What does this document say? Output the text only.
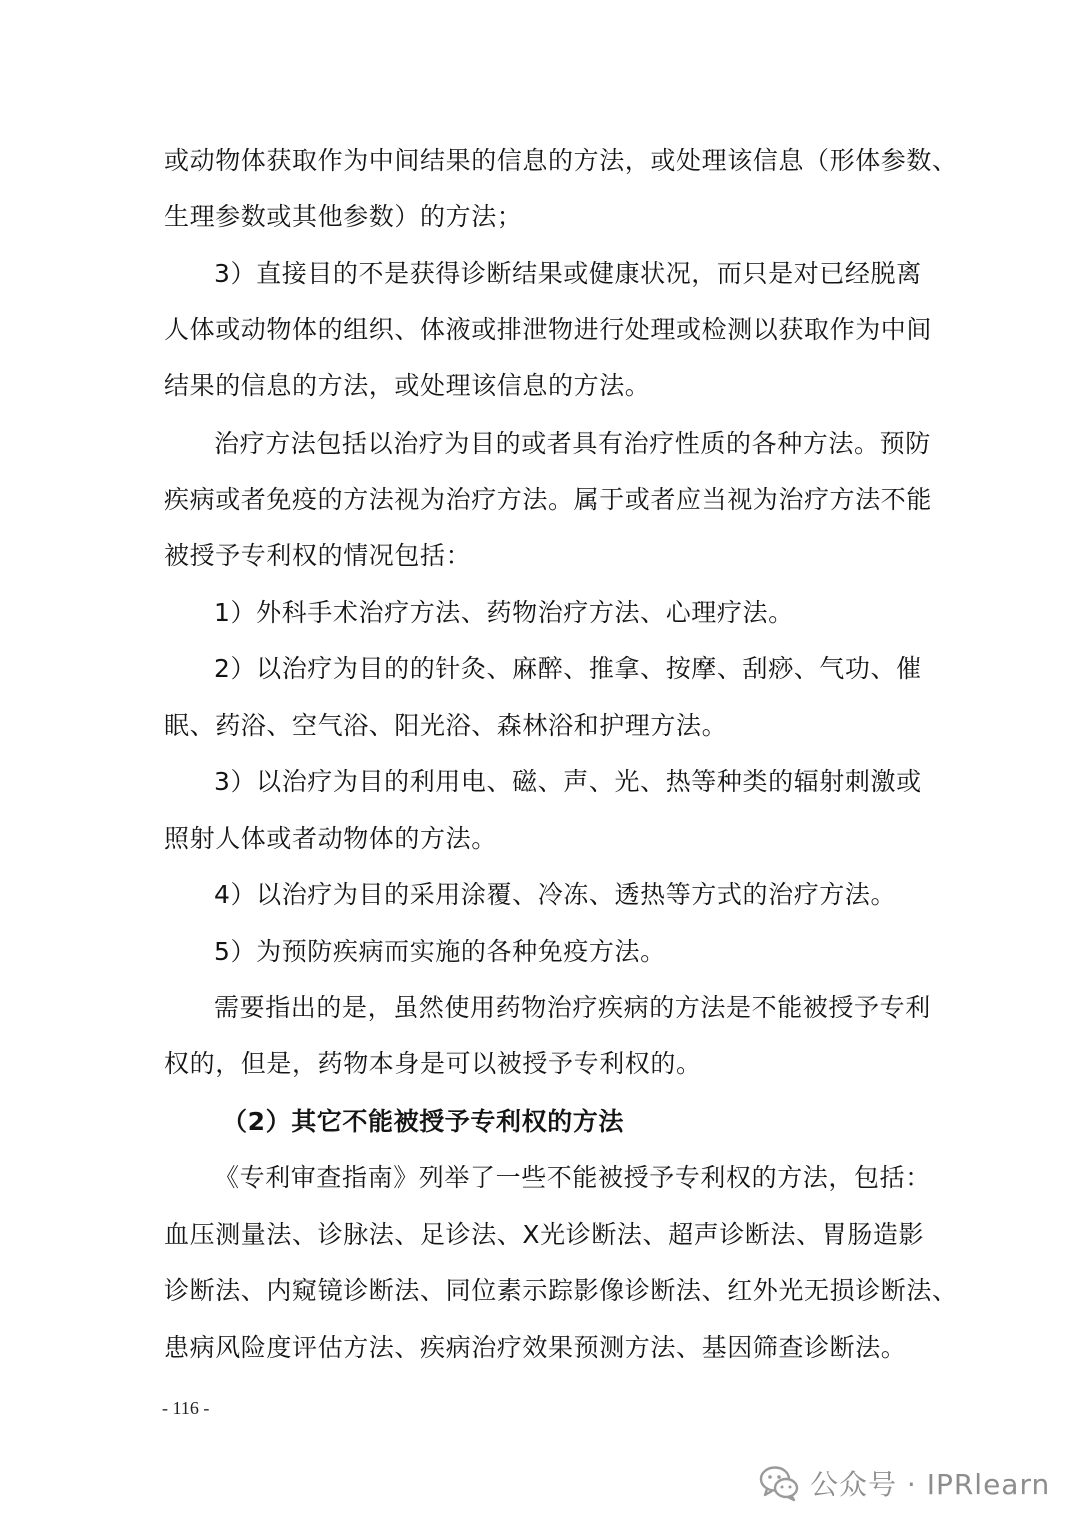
或动物体获取作为中间结果的信息的方法，或处理该信息（形体参数、
生理参数或其他参数）的方法；
3）直接目的不是获得诊断结果或健康状况，而只是对已经脱离
人体或动物体的组织、体液或排泄物进行处理或检测以获取作为中间
结果的信息的方法，或处理该信息的方法。
治疗方法包括以治疗为目的或者具有治疗性质的各种方法。预防
疾病或者免疫的方法视为治疗方法。属于或者应当视为治疗方法不能
被授予专利权的情况包括：
1）外科手术治疗方法、药物治疗方法、心理疗法。
2）以治疗为目的的针灸、麻醉、推拿、按摩、刮痧、气功、催
眠、药浴、空气浴、阳光浴、森林浴和护理方法。
3）以治疗为目的利用电、磁、声、光、热等种类的辐射刺激或
照射人体或者动物体的方法。
4）以治疗为目的采用涂覆、冷冻、透热等方式的治疗方法。
5）为预防疾病而实施的各种免疫方法。
需要指出的是，虽然使用药物治疗疾病的方法是不能被授予专利
权的，但是，药物本身是可以被授予专利权的。
（2）其它不能被授予专利权的方法
《专利审查指南》列举了一些不能被授予专利权的方法，包括：
血压测量法、诊脉法、足诊法、X光诊断法、超声诊断法、胃肠造影
诊断法、内窥镜诊断法、同位素示踪影像诊断法、红外光无损诊断法、
患病风险度评估方法、疾病治疗效果预测方法、基因筛查诊断法。
- 116 -
公众号 · IPRlearn
